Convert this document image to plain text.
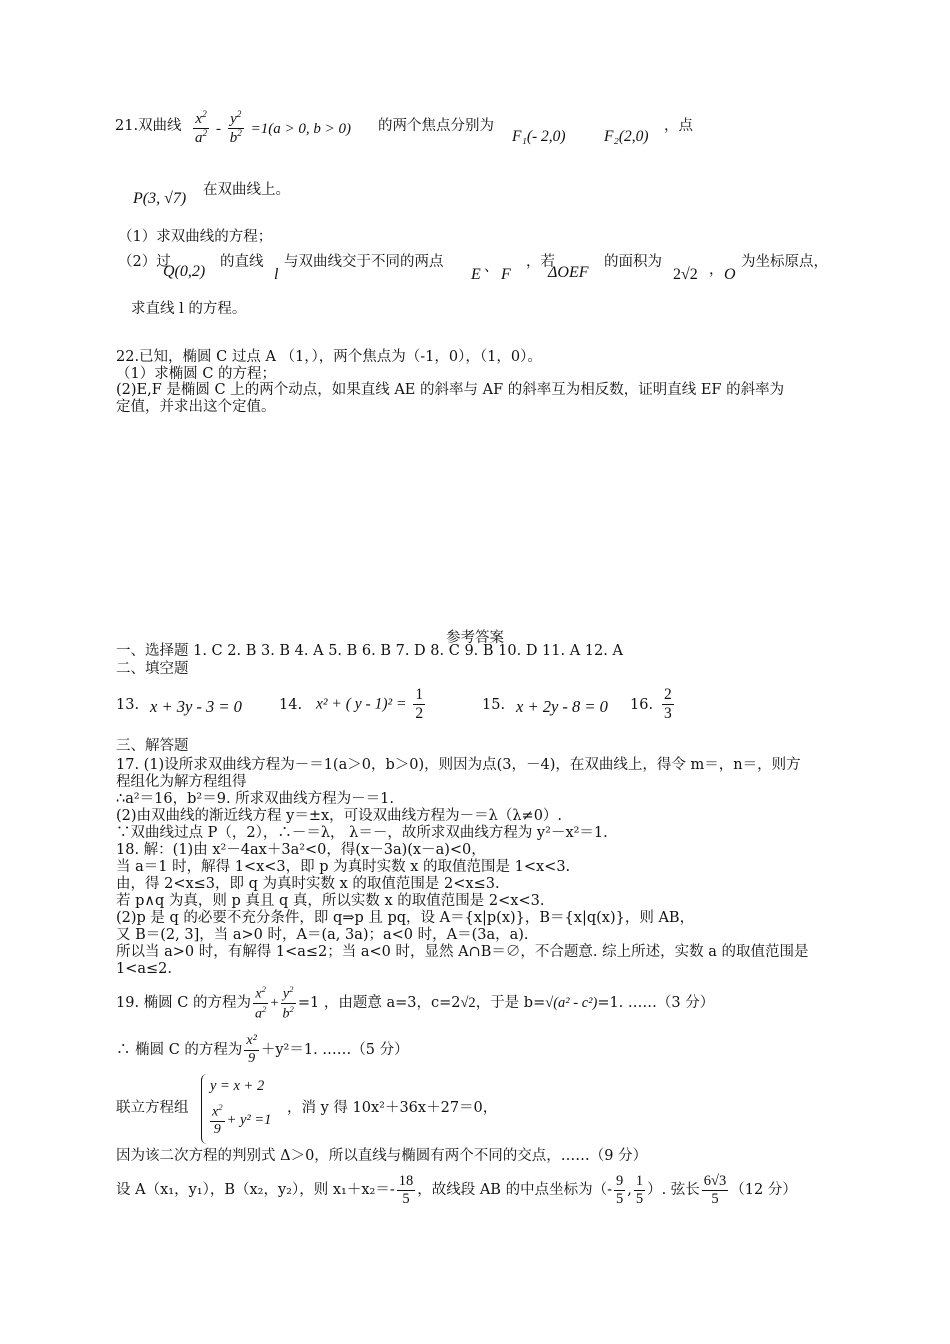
21.双曲线 $\frac{x^2}{a^2} - \frac{y^2}{b^2} =1(a > 0$, b > 0) 的两个焦点分别为
F₁(- 2,0) F₂(2,0)
，点
P(3, √7) 在双曲线上。
（1）求双曲线的方程；
（2）过
Q(0,2)
的直线
l
与双曲线交于不同的两点
E 、 F
，若
ΔOEF
的面积为
2√2 ， O
为坐标原点，
求直线 l 的方程。
22.已知，椭圆 C 过点 A （1，），两个焦点为（-1，0），（1，0）。
（1）求椭圆 C 的方程；
(2)E,F 是椭圆 C 上的两个动点，如果直线 AE 的斜率与 AF 的斜率互为相反数，证明直线 EF 的斜率为
定值，并求出这个定值。
参考答案
一、选择题 1. C 2. B 3. B 4. A 5. B 6. B 7. D 8. C 9. B 10. D 11. A 12. A
二、填空题
13. x + 3y - 3 = 0	14. x² + ( $y - 1)^2 = \frac{1}{2}$	15. x + 2y - 8 = 0 16. $\frac{2}{3}$
三、解答题
17. (1)设所求双曲线方程为－＝1(a＞0，b＞0)，则因为点(3，－4)，在双曲线上，得令 m＝，n＝，则方
程组化为解方程组得
∴a²＝16，b²＝9. 所求双曲线方程为－＝1.
(2)由双曲线的渐近线方程 y＝±x，可设双曲线方程为－＝λ（λ≠0）.
∵双曲线过点 P（，2），∴－＝λ， λ＝－，故所求双曲线方程为 y²－x²＝1.
18. 解：(1)由 x²－4ax＋3a²<0，得(x－3a)(x－a)<0，
当 a＝1 时，解得 1<x<3，即 p 为真时实数 x 的取值范围是 1<x<3.
由，得 2<x≤3，即 q 为真时实数 x 的取值范围是 2<x≤3.
若 p∧q 为真，则 p 真且 q 真，所以实数 x 的取值范围是 2<x<3.
(2)p 是 q 的必要不充分条件，即 q⇒p 且 pq，设 A＝{x|p(x)}，B＝{x|q(x)}，则 AB，
又 B＝(2, 3]，当 a>0 时，A＝(a, 3a)；a<0 时，A＝(3a，a).
所以当 a>0 时，有解得 1<a≤2；当 a<0 时，显然 A∩B＝∅，不合题意. 综上所述，实数 a 的取值范围是
1<a≤2.
19. 椭圆 C 的方程为 $\frac{x^2}{a^2} + \frac{y^2}{b^2} =1$ ，由题意 a=3，c=2√2，于是 b=√(a² - c²)=1. ……（3 分）
∴ 椭圆 C 的方程为 $\frac{\text{x²}}{9} +y^2=1$. ……（5 分）
联立方程组
y = x + 2
$\frac{x^2}{9} + y^2 =1$
，消 y 得 10x²＋36x＋27＝0，
因为该二次方程的判别式 Δ＞0，所以直线与椭圆有两个不同的交点，……（9 分）
设 A（x₁，y₁），B（x₂，y₂），则 $x_1+x_2=- \frac{18}{5}$ ，故线段 AB 的中点坐标为（- $\frac{9}{5}$ , $\frac{1}{5}$ ）. 弦长 $\frac{6√3}{5} (12$ 分）
